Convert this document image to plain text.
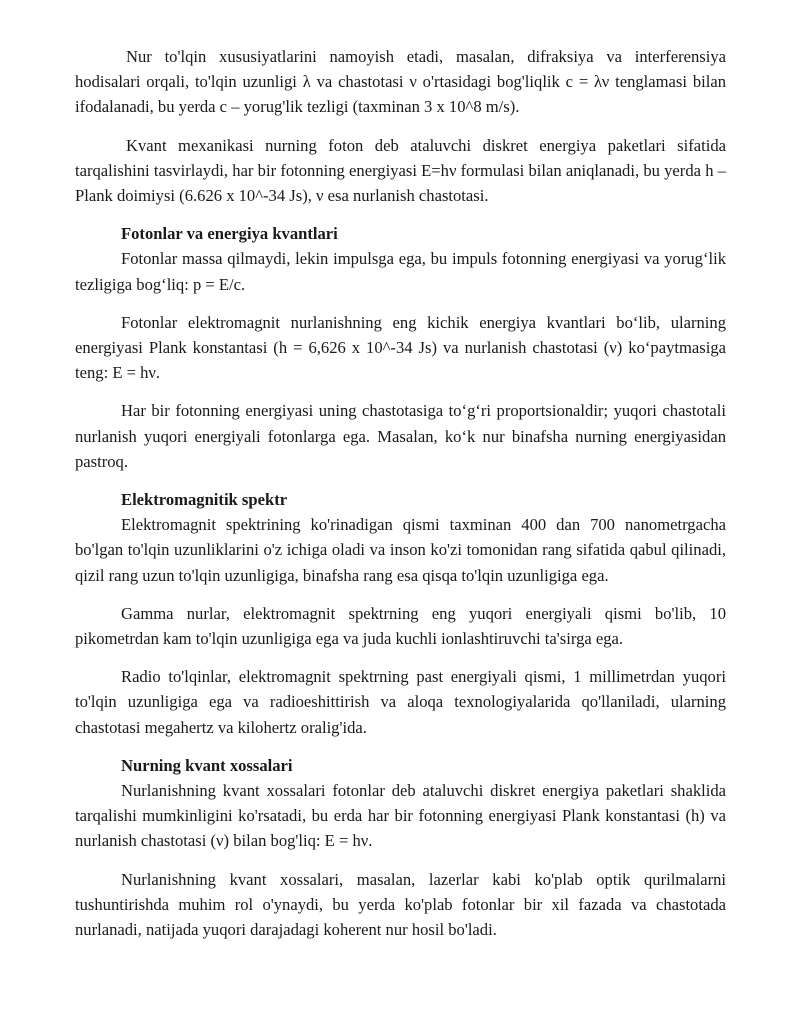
Nur to'lqin xususiyatlarini namoyish etadi, masalan, difraksiya va interferensiya hodisalari orqali, to'lqin uzunligi λ va chastotasi ν o'rtasidagi bog'liqlik c = λν tenglamasi bilan ifodalanadi, bu yerda c – yorug'lik tezligi (taxminan 3 x 10^8 m/s).

Kvant mexanikasi nurning foton deb ataluvchi diskret energiya paketlari sifatida tarqalishini tasvirlaydi, har bir fotonning energiyasi E=hν formulasi bilan aniqlanadi, bu yerda h – Plank doimiysi (6.626 x 10^-34 Js), ν esa nurlanish chastotasi.

Fotonlar va energiya kvantlari

Fotonlar massa qilmaydi, lekin impulsga ega, bu impuls fotonning energiyasi va yorug‘lik tezligiga bog‘liq: p = E/c.

Fotonlar elektromagnit nurlanishning eng kichik energiya kvantlari bo‘lib, ularning energiyasi Plank konstantasi (h = 6,626 x 10^-34 Js) va nurlanish chastotasi (ν) ko‘paytmasiga teng: E = hν.

Har bir fotonning energiyasi uning chastotasiga to‘g‘ri proportsionaldir; yuqori chastotali nurlanish yuqori energiyali fotonlarga ega. Masalan, ko‘k nur binafsha nurning energiyasidan pastroq.

Elektromagnitik spektr

Elektromagnit spektrining ko'rinadigan qismi taxminan 400 dan 700 nanometrgacha bo'lgan to'lqin uzunliklarini o'z ichiga oladi va inson ko'zi tomonidan rang sifatida qabul qilinadi, qizil rang uzun to'lqin uzunligiga, binafsha rang esa qisqa to'lqin uzunligiga ega.

Gamma nurlar, elektromagnit spektrning eng yuqori energiyali qismi bo'lib, 10 pikometrdan kam to'lqin uzunligiga ega va juda kuchli ionlashtiruvchi ta'sirga ega.

Radio to'lqinlar, elektromagnit spektrning past energiyali qismi, 1 millimetrdan yuqori to'lqin uzunligiga ega va radioeshittirish va aloqa texnologiyalarida qo'llaniladi, ularning chastotasi megahertz va kilohertz oralig'ida.

Nurning kvant xossalari

Nurlanishning kvant xossalari fotonlar deb ataluvchi diskret energiya paketlari shaklida tarqalishi mumkinligini ko'rsatadi, bu erda har bir fotonning energiyasi Plank konstantasi (h) va nurlanish chastotasi (ν) bilan bog'liq: E = hν.

Nurlanishning kvant xossalari, masalan, lazerlar kabi ko'plab optik qurilmalarni tushuntirishda muhim rol o'ynaydi, bu yerda ko'plab fotonlar bir xil fazada va chastotada nurlanadi, natijada yuqori darajadagi koherent nur hosil bo'ladi.
